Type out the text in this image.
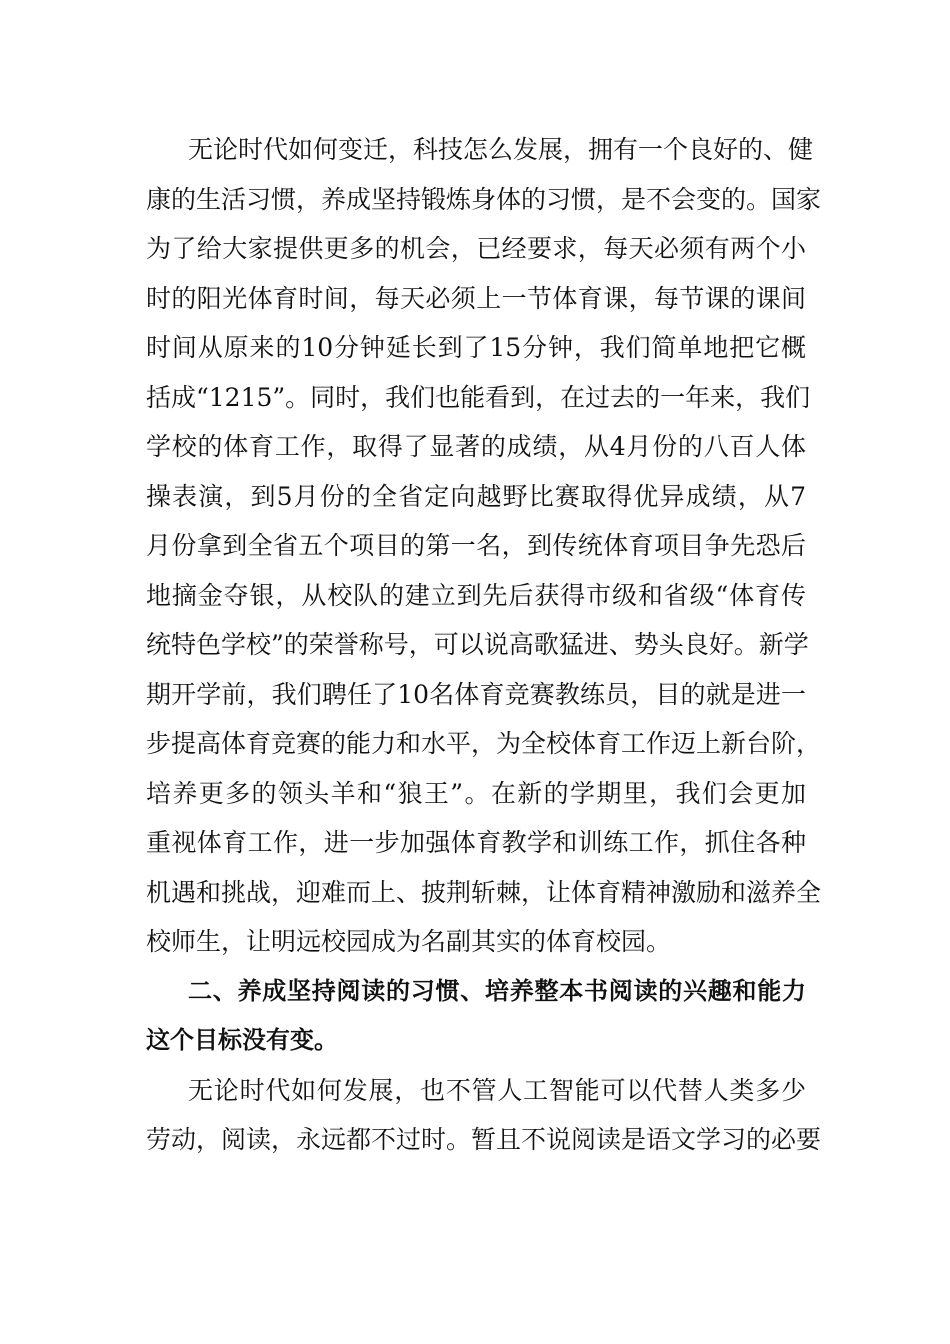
无论时代如何变迁，科技怎么发展，拥有一个良好的、健
康的生活习惯，养成坚持锻炼身体的习惯，是不会变的。国家
为了给大家提供更多的机会，已经要求，每天必须有两个小
时的阳光体育时间，每天必须上一节体育课，每节课的课间
时间从原来的10分钟延长到了15分钟，我们简单地把它概
括成“1215”。同时，我们也能看到，在过去的一年来，我们
学校的体育工作，取得了显著的成绩，从4月份的八百人体
操表演，到5月份的全省定向越野比赛取得优异成绩，从7
月份拿到全省五个项目的第一名，到传统体育项目争先恐后
地摘金夺银，从校队的建立到先后获得市级和省级“体育传
统特色学校”的荣誉称号，可以说高歌猛进、势头良好。新学
期开学前，我们聘任了10名体育竞赛教练员，目的就是进一
步提高体育竞赛的能力和水平，为全校体育工作迈上新台阶，
培养更多的领头羊和“狼王”。在新的学期里，我们会更加
重视体育工作，进一步加强体育教学和训练工作，抓住各种
机遇和挑战，迎难而上、披荆斩棘，让体育精神激励和滋养全
校师生，让明远校园成为名副其实的体育校园。
二、养成坚持阅读的习惯、培养整本书阅读的兴趣和能力
这个目标没有变。
无论时代如何发展，也不管人工智能可以代替人类多少
劳动，阅读，永远都不过时。暂且不说阅读是语文学习的必要
